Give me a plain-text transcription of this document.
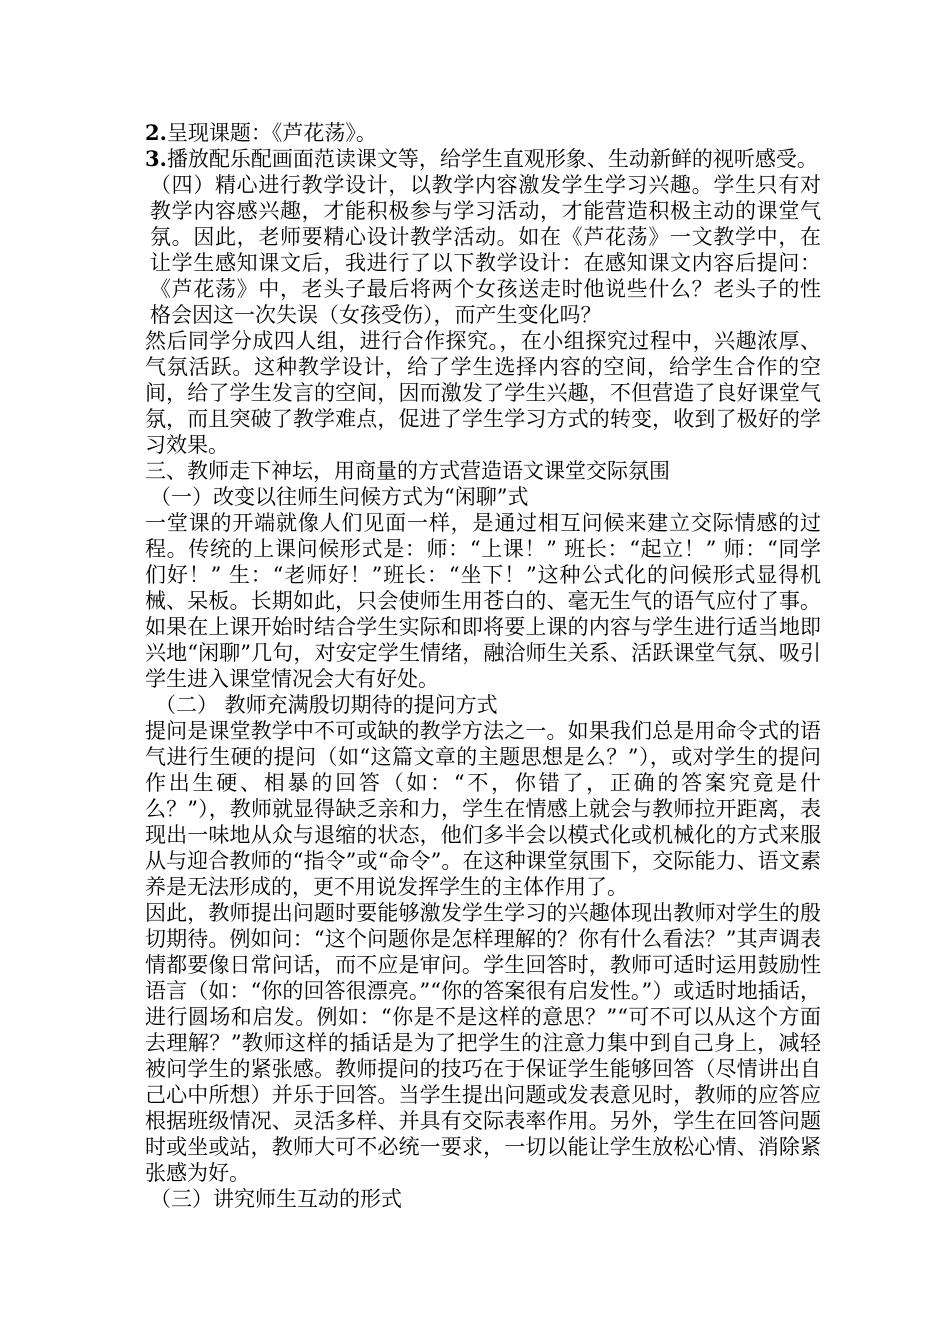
2.呈现课题：《芦花荡》。

3.播放配乐配画面范读课文等，给学生直观形象、生动新鲜的视听感受。

（四）精心进行教学设计，以教学内容激发学生学习兴趣。学生只有对教学内容感兴趣，才能积极参与学习活动，才能营造积极主动的课堂气氛。因此，老师要精心设计教学活动。如在《芦花荡》一文教学中，在让学生感知课文后，我进行了以下教学设计：在感知课文内容后提问：《芦花荡》中，老头子最后将两个女孩送走时他说些什么？老头子的性格会因这一次失误（女孩受伤），而产生变化吗？

然后同学分成四人组，进行合作探究。，在小组探究过程中，兴趣浓厚、气氛活跃。这种教学设计，给了学生选择内容的空间，给学生合作的空间，给了学生发言的空间，因而激发了学生兴趣，不但营造了良好课堂气氛，而且突破了教学难点，促进了学生学习方式的转变，收到了极好的学习效果。

三、教师走下神坛，用商量的方式营造语文课堂交际氛围

（一）改变以往师生问候方式为“闲聊”式

一堂课的开端就像人们见面一样，是通过相互问候来建立交际情感的过程。传统的上课问候形式是：师：“上课！” 班长：“起立！” 师：“同学们好！” 生：“老师好！”班长：“坐下！”这种公式化的问候形式显得机械、呆板。长期如此，只会使师生用苍白的、毫无生气的语气应付了事。如果在上课开始时结合学生实际和即将要上课的内容与学生进行适当地即兴地“闲聊”几句，对安定学生情绪，融洽师生关系、活跃课堂气氛、吸引学生进入课堂情况会大有好处。

（二） 教师充满殷切期待的提问方式

提问是课堂教学中不可或缺的教学方法之一。如果我们总是用命令式的语气进行生硬的提问（如“这篇文章的主题思想是么？”），或对学生的提问作出生硬、相暴的回答（如：“不，你错了，正确的答案究竟是什么？”），教师就显得缺乏亲和力，学生在情感上就会与教师拉开距离，表现出一味地从众与退缩的状态，他们多半会以模式化或机械化的方式来服从与迎合教师的“指令”或“命令”。在这种课堂氛围下，交际能力、语文素养是无法形成的，更不用说发挥学生的主体作用了。

因此，教师提出问题时要能够激发学生学习的兴趣体现出教师对学生的殷切期待。例如问：“这个问题你是怎样理解的？你有什么看法？”其声调表情都要像日常问话，而不应是审问。学生回答时，教师可适时运用鼓励性语言（如：“你的回答很漂亮。”“你的答案很有启发性。”）或适时地插话，进行圆场和启发。例如：“你是不是这样的意思？”“可不可以从这个方面去理解？”教师这样的插话是为了把学生的注意力集中到自己身上，减轻被问学生的紧张感。教师提问的技巧在于保证学生能够回答（尽情讲出自己心中所想）并乐于回答。当学生提出问题或发表意见时，教师的应答应根据班级情况、灵活多样、并具有交际表率作用。另外，学生在回答问题时或坐或站，教师大可不必统一要求，一切以能让学生放松心情、消除紧张感为好。

（三）讲究师生互动的形式
